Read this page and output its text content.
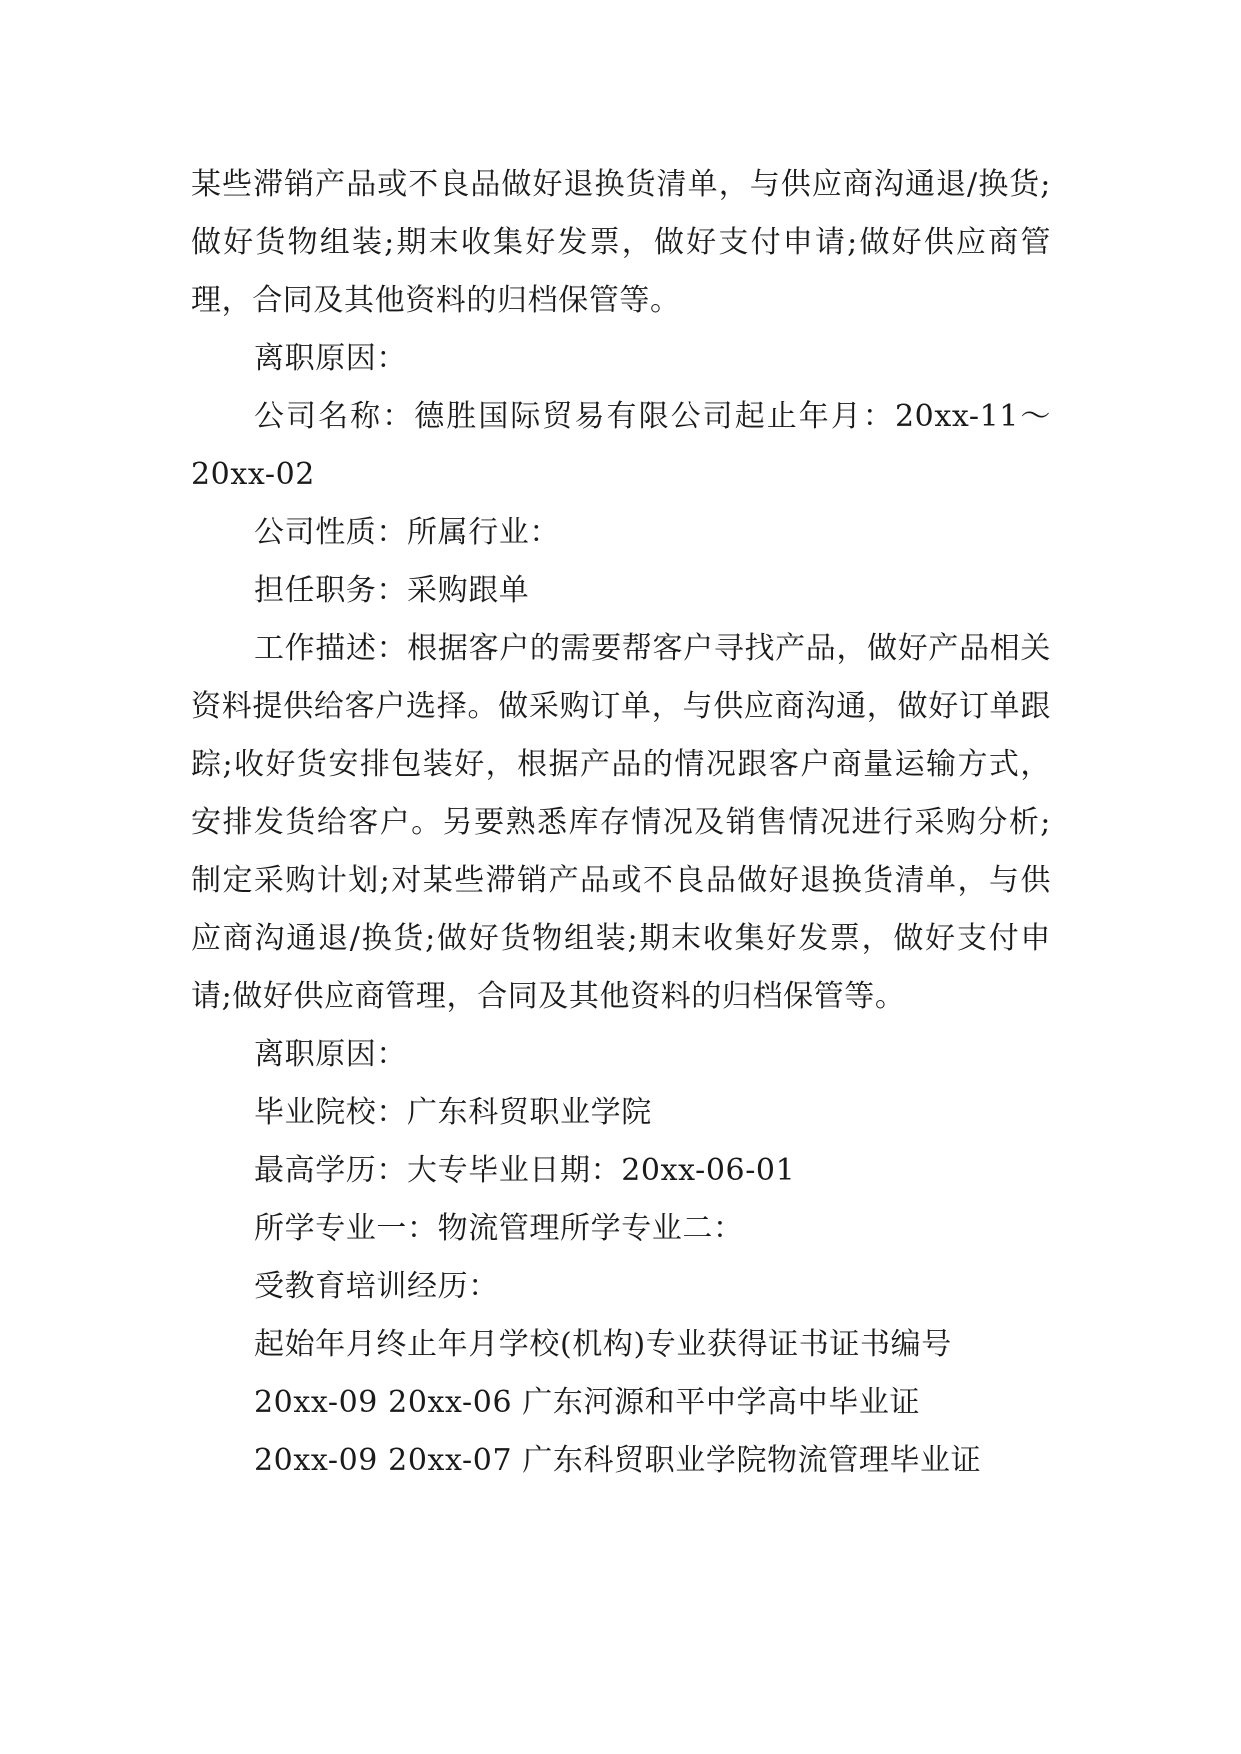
某些滞销产品或不良品做好退换货清单，与供应商沟通退/换货;做好货物组装;期末收集好发票，做好支付申请;做好供应商管理，合同及其他资料的归档保管等。

离职原因：

公司名称：德胜国际贸易有限公司起止年月：20xx-11～20xx-02

公司性质：所属行业：

担任职务：采购跟单

工作描述：根据客户的需要帮客户寻找产品，做好产品相关资料提供给客户选择。做采购订单，与供应商沟通，做好订单跟踪;收好货安排包装好，根据产品的情况跟客户商量运输方式，安排发货给客户。另要熟悉库存情况及销售情况进行采购分析;制定采购计划;对某些滞销产品或不良品做好退换货清单，与供应商沟通退/换货;做好货物组装;期末收集好发票，做好支付申请;做好供应商管理，合同及其他资料的归档保管等。

离职原因：

毕业院校：广东科贸职业学院

最高学历：大专毕业日期：20xx-06-01

所学专业一：物流管理所学专业二：

受教育培训经历：

起始年月终止年月学校(机构)专业获得证书证书编号

20xx-09 20xx-06 广东河源和平中学高中毕业证

20xx-09 20xx-07 广东科贸职业学院物流管理毕业证
